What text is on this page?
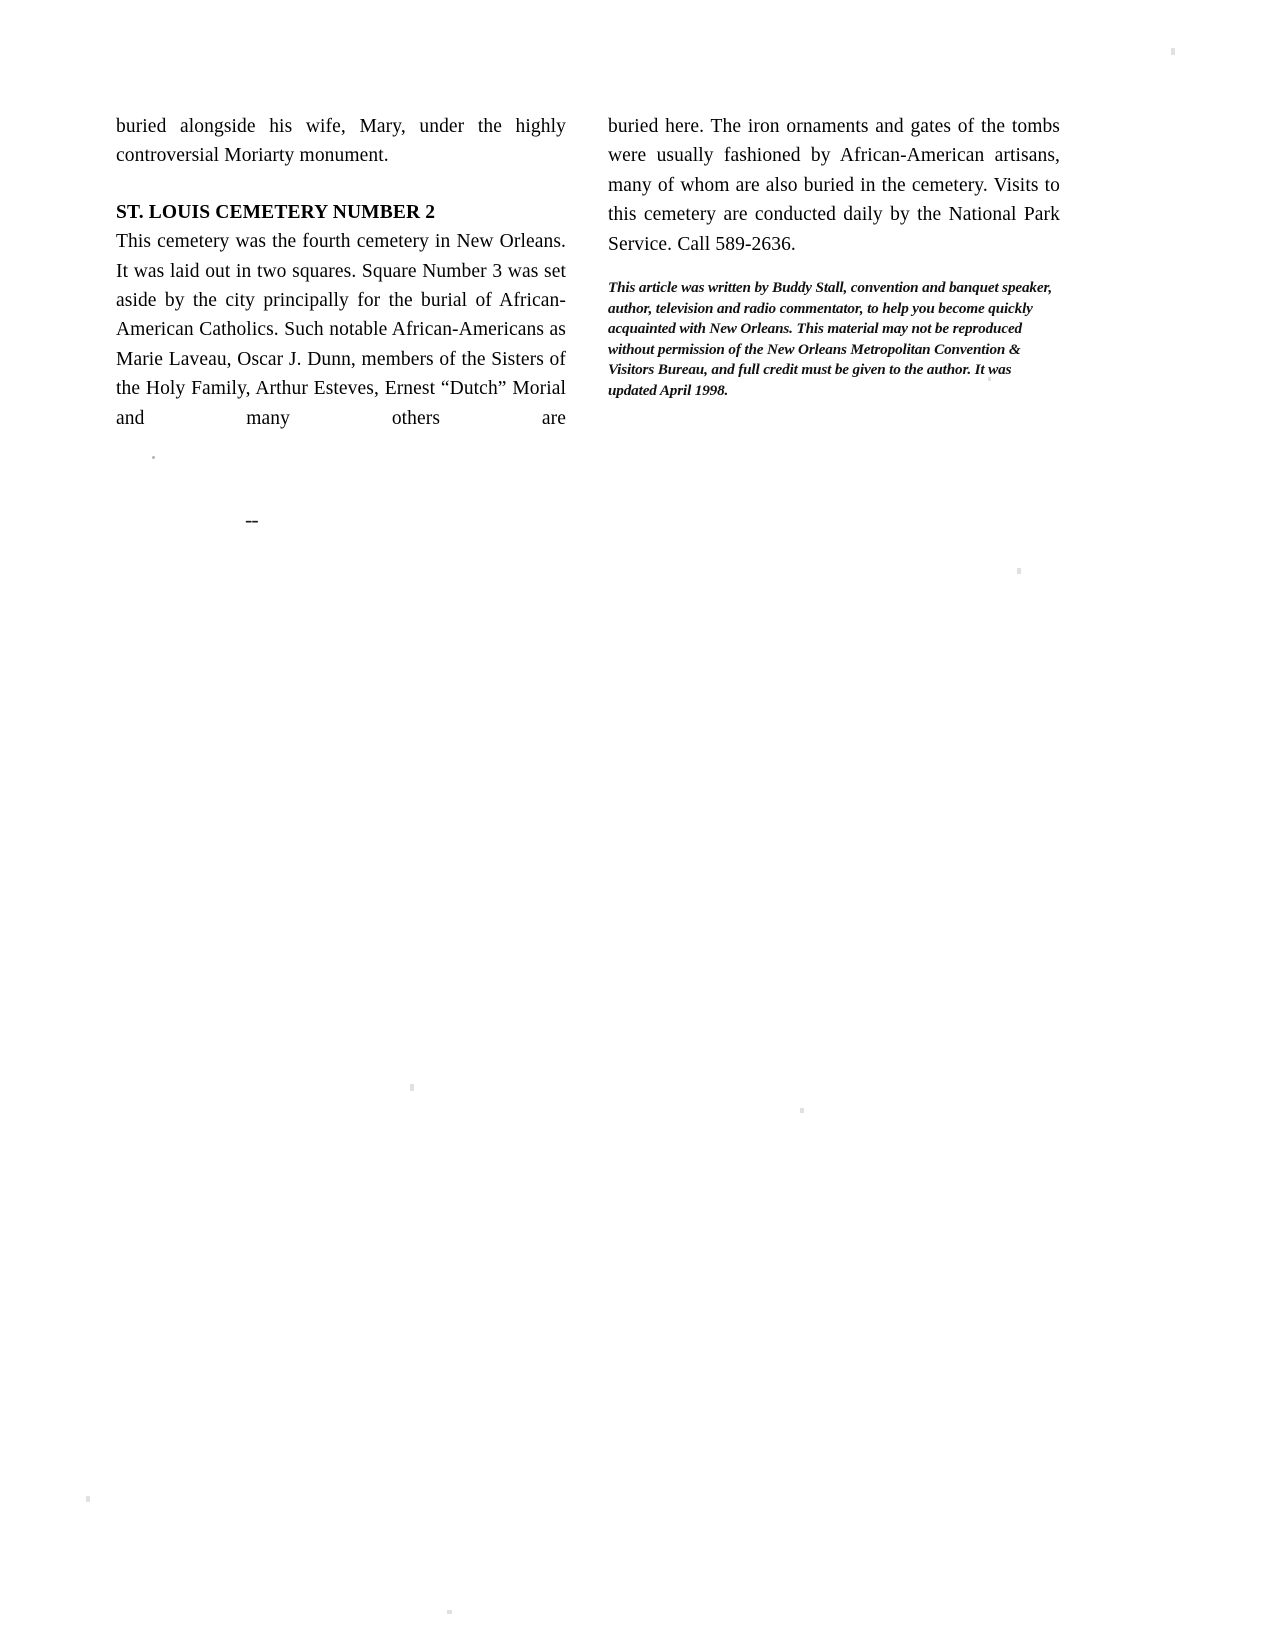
buried alongside his wife, Mary, under the highly controversial Moriarty monument.

ST. LOUIS CEMETERY NUMBER 2

This cemetery was the fourth cemetery in New Orleans. It was laid out in two squares. Square Number 3 was set aside by the city principally for the burial of African-American Catholics. Such notable African-Americans as Marie Laveau, Oscar J. Dunn, members of the Sisters of the Holy Family, Arthur Esteves, Ernest “Dutch” Morial and many others are

buried here. The iron ornaments and gates of the tombs were usually fashioned by African-American artisans, many of whom are also buried in the cemetery. Visits to this cemetery are conducted daily by the National Park Service. Call 589-2636.

This article was written by Buddy Stall, convention and banquet speaker, author, television and radio commentator, to help you become quickly acquainted with New Orleans. This material may not be reproduced without permission of the New Orleans Metropolitan Convention & Visitors Bureau, and full credit must be given to the author. It was updated April 1998.

--
